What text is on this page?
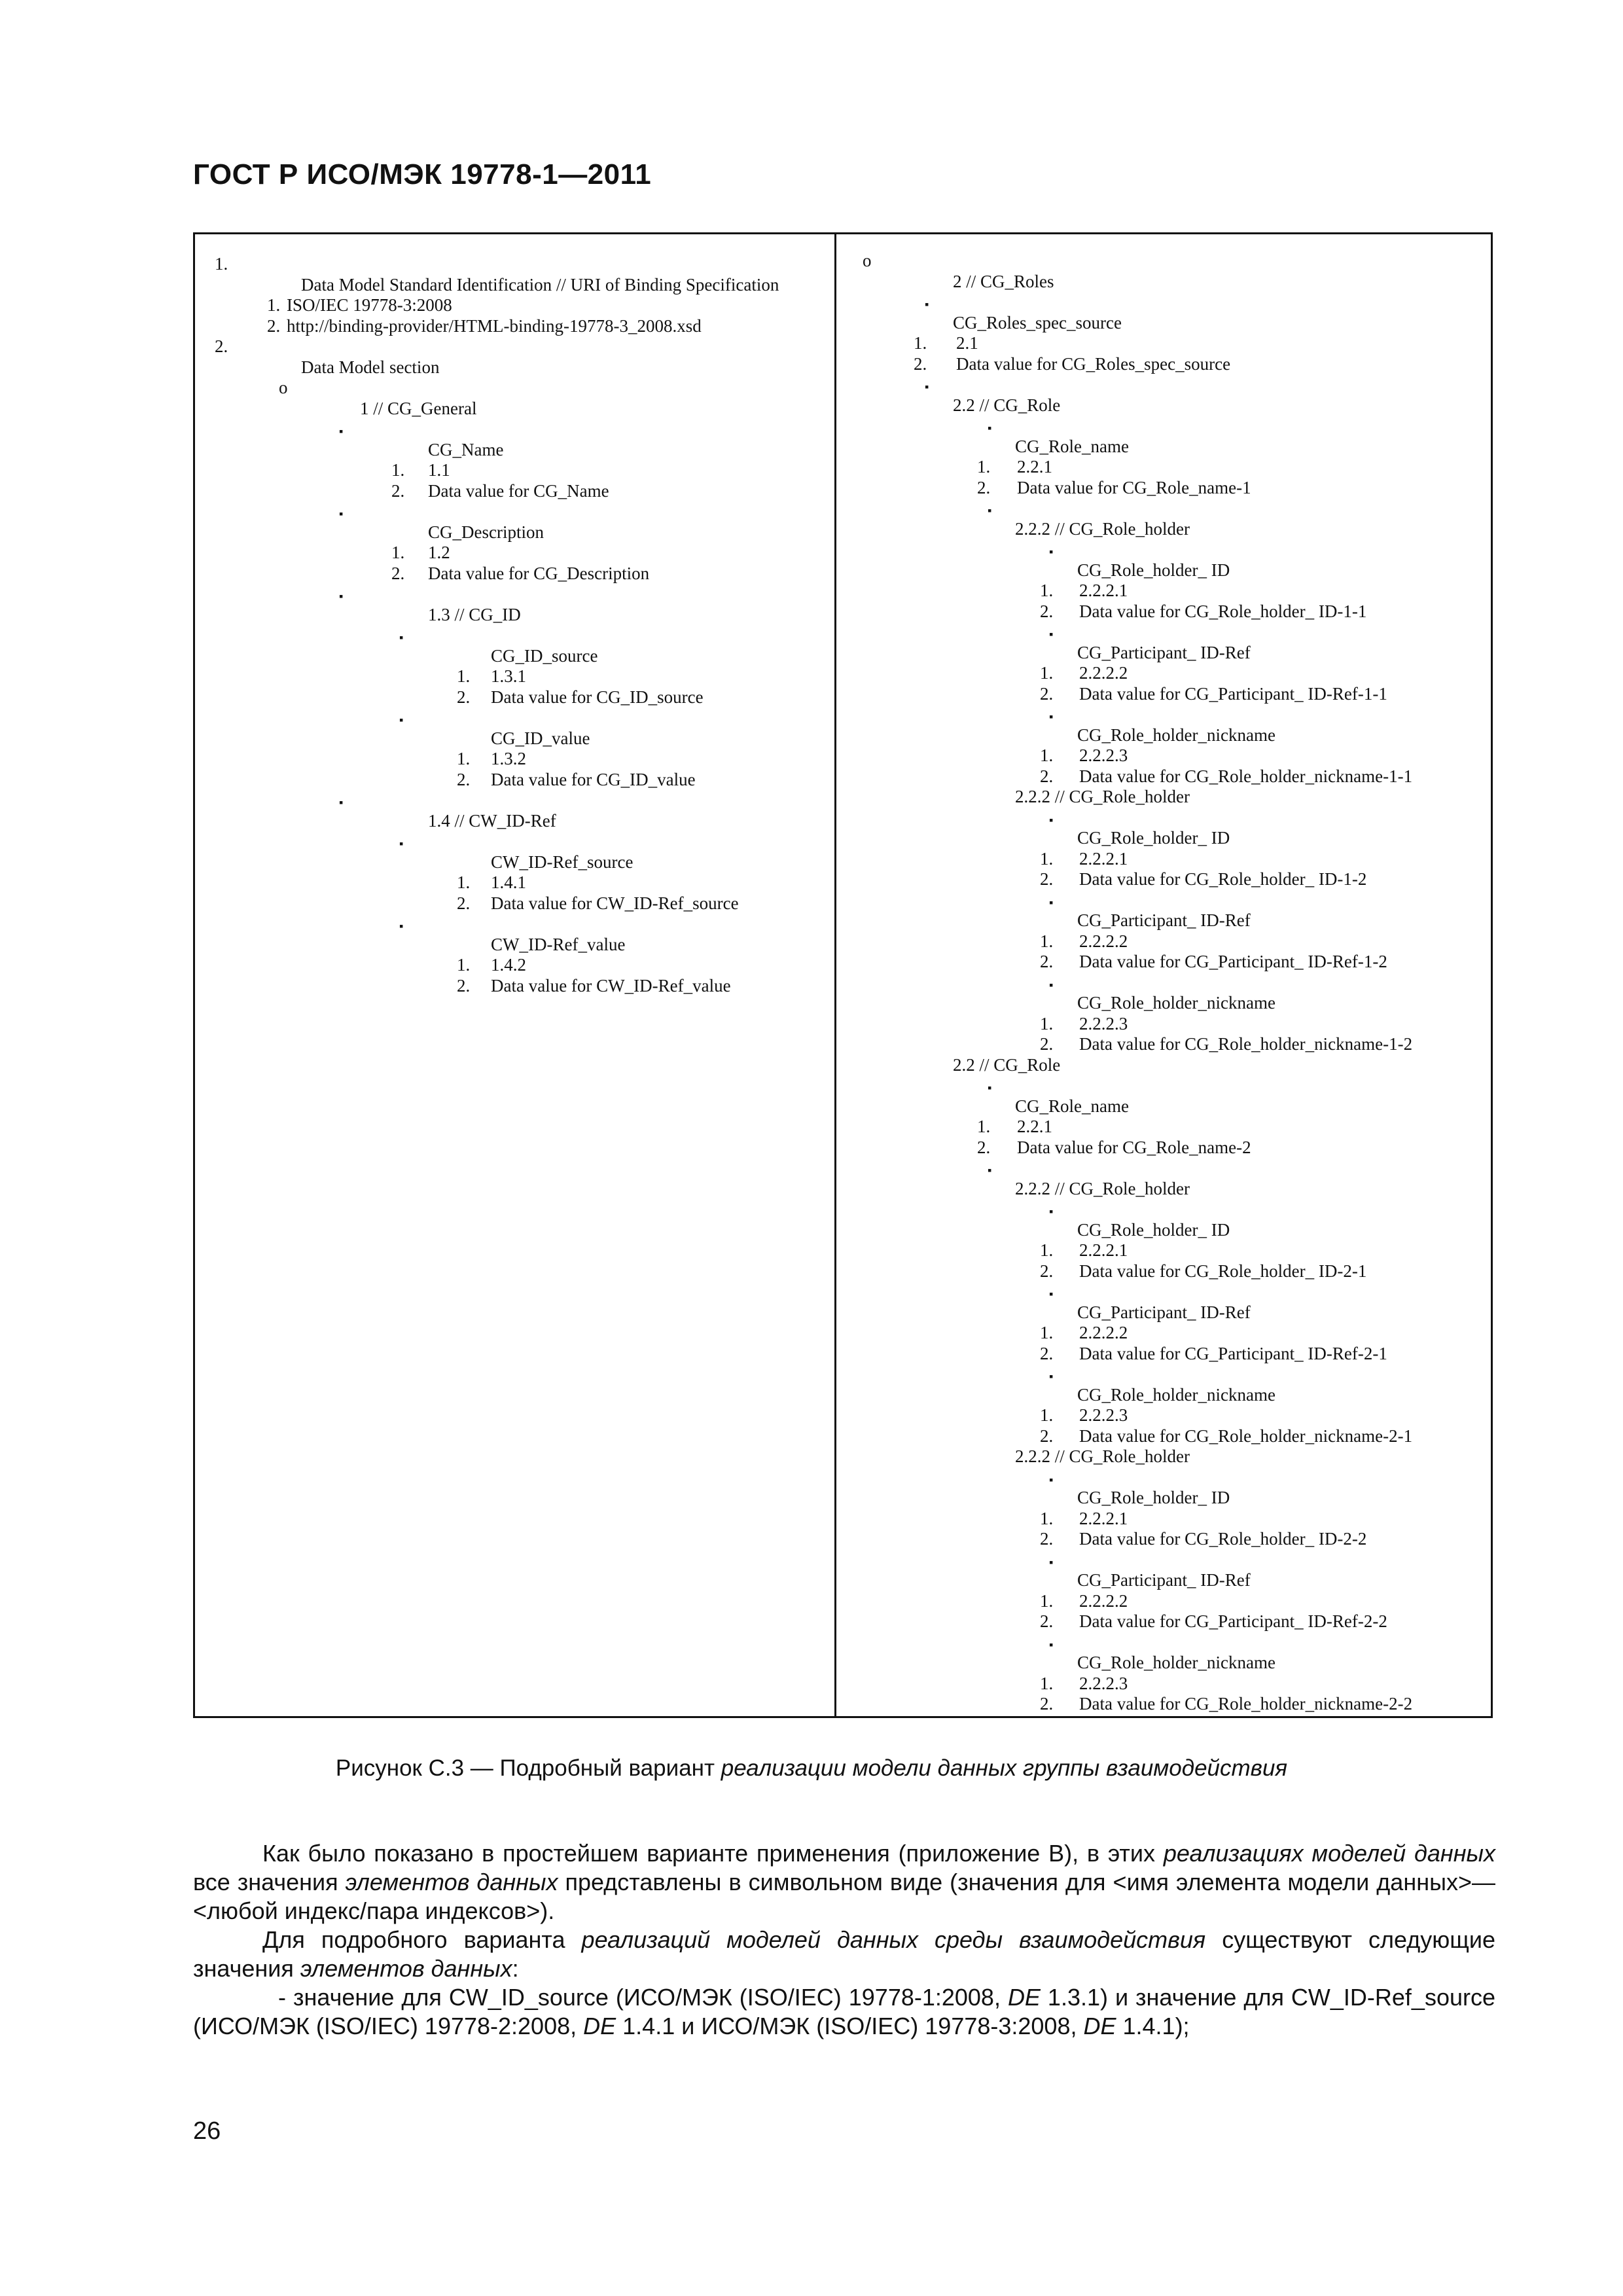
ГОСТ Р ИСО/МЭК 19778-1—2011
1.
Data Model Standard Identification // URI of Binding Specification
1. ISO/IEC 19778-3:2008
2. http://binding-provider/HTML-binding-19778-3_2008.xsd
2.
Data Model section
o
1 // CG_General
▪
CG_Name
1. 1.1
2. Data value for CG_Name
▪
CG_Description
1. 1.2
2. Data value for CG_Description
▪
1.3 // CG_ID
▪
CG_ID_source
1. 1.3.1
2. Data value for CG_ID_source
▪
CG_ID_value
1. 1.3.2
2. Data value for CG_ID_value
▪
1.4 // CW_ID-Ref
▪
CW_ID-Ref_source
1. 1.4.1
2. Data value for CW_ID-Ref_source
▪
CW_ID-Ref_value
1. 1.4.2
2. Data value for CW_ID-Ref_value
o
2 // CG_Roles
▪
CG_Roles_spec_source
1. 2.1
2. Data value for CG_Roles_spec_source
▪
2.2 // CG_Role
▪
CG_Role_name
1. 2.2.1
2. Data value for CG_Role_name-1
▪
2.2.2 // CG_Role_holder
▪
CG_Role_holder_ ID
1. 2.2.2.1
2. Data value for CG_Role_holder_ ID-1-1
▪
CG_Participant_ ID-Ref
1. 2.2.2.2
2. Data value for CG_Participant_ ID-Ref-1-1
▪
CG_Role_holder_nickname
1. 2.2.2.3
2. Data value for CG_Role_holder_nickname-1-1
2.2.2 // CG_Role_holder
▪
CG_Role_holder_ ID
1. 2.2.2.1
2. Data value for CG_Role_holder_ ID-1-2
▪
CG_Participant_ ID-Ref
1. 2.2.2.2
2. Data value for CG_Participant_ ID-Ref-1-2
▪
CG_Role_holder_nickname
1. 2.2.2.3
2. Data value for CG_Role_holder_nickname-1-2
2.2 // CG_Role
▪
CG_Role_name
1. 2.2.1
2. Data value for CG_Role_name-2
▪
2.2.2 // CG_Role_holder
▪
CG_Role_holder_ ID
1. 2.2.2.1
2. Data value for CG_Role_holder_ ID-2-1
▪
CG_Participant_ ID-Ref
1. 2.2.2.2
2. Data value for CG_Participant_ ID-Ref-2-1
▪
CG_Role_holder_nickname
1. 2.2.2.3
2. Data value for CG_Role_holder_nickname-2-1
2.2.2 // CG_Role_holder
▪
CG_Role_holder_ ID
1. 2.2.2.1
2. Data value for CG_Role_holder_ ID-2-2
▪
CG_Participant_ ID-Ref
1. 2.2.2.2
2. Data value for CG_Participant_ ID-Ref-2-2
▪
CG_Role_holder_nickname
1. 2.2.2.3
2. Data value for CG_Role_holder_nickname-2-2
Рисунок С.3 — Подробный вариант реализации модели данных группы взаимодействия
Как было показано в простейшем варианте применения (приложение В), в этих реализациях моделей данных все значения элементов данных представлены в символьном виде (значения для <имя элемента модели данных>—<любой индекс/пара индексов>).
Для подробного варианта реализаций моделей данных среды взаимодействия существуют следующие значения элементов данных:
- значение для CW_ID_source (ИСО/МЭК (ISO/IEC) 19778-1:2008, DE 1.3.1) и значение для CW_ID-Ref_source (ИСО/МЭК (ISO/IEC) 19778-2:2008, DE 1.4.1 и ИСО/МЭК (ISO/IEC) 19778-3:2008, DE 1.4.1);
26
